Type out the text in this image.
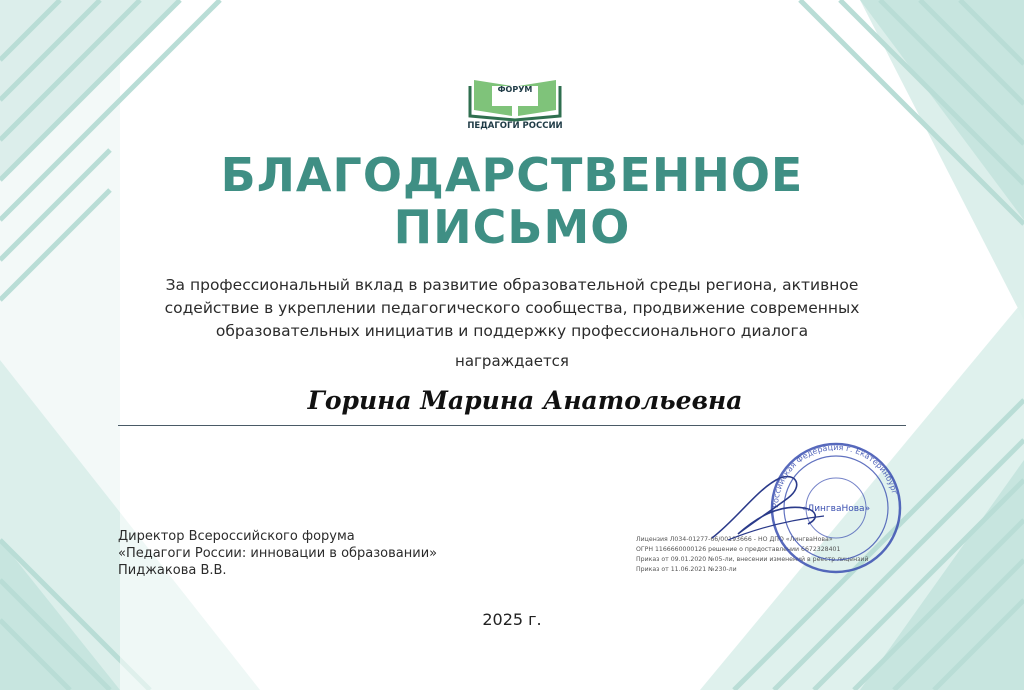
ФОРУМ
ПЕДАГОГИ РОССИИ
БЛАГОДАРСТВЕННОЕ
ПИСЬМО
За профессиональный вклад в развитие образовательной среды региона, активное
содействие в укреплении педагогического сообщества, продвижение современных
образовательных инициатив и поддержку профессионального диалога
награждается
Горина Марина Анатольевна
Директор Всероссийского форума
«Педагоги России: инновации в образовании»
Пиджакова В.В.
Лицензия Л034-01277-66/00193666 - НО ДПО «ЛингваНова»
ОГРН 1166660000126 решение о предоставлении 6672328401
Приказ от 09.01.2020 №05-ли, внесении изменений в реестр лицензий
Приказ от 11.06.2021 №230-ли
Российская Федерация г. Екатеринбург
«ЛингваНова»
2025 г.
